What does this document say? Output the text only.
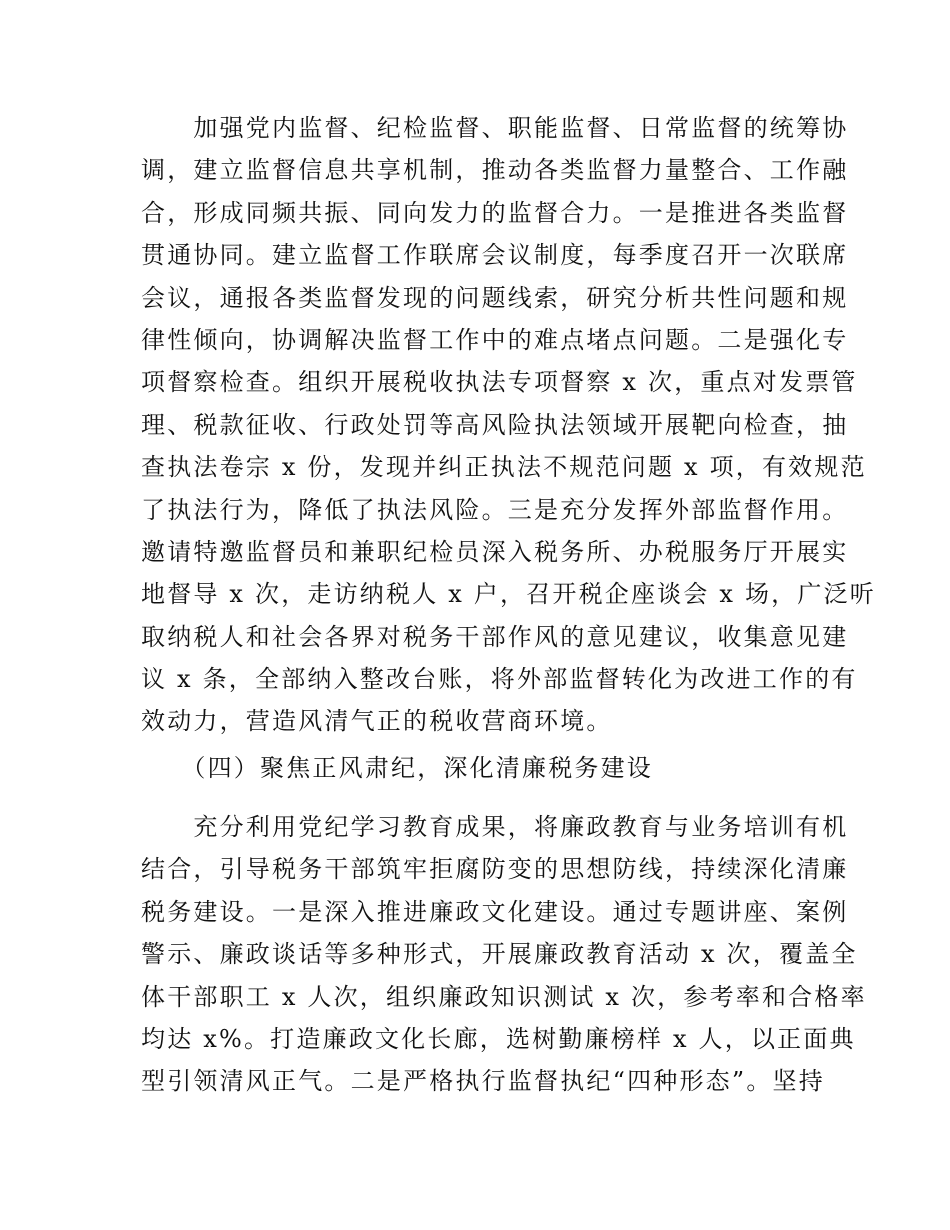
　　加强党内监督、纪检监督、职能监督、日常监督的统筹协
调，建立监督信息共享机制，推动各类监督力量整合、工作融
合，形成同频共振、同向发力的监督合力。一是推进各类监督
贯通协同。建立监督工作联席会议制度，每季度召开一次联席
会议，通报各类监督发现的问题线索，研究分析共性问题和规
律性倾向，协调解决监督工作中的难点堵点问题。二是强化专
项督察检查。组织开展税收执法专项督察 x 次，重点对发票管
理、税款征收、行政处罚等高风险执法领域开展靶向检查，抽
查执法卷宗 x 份，发现并纠正执法不规范问题 x 项，有效规范
了执法行为，降低了执法风险。三是充分发挥外部监督作用。
邀请特邀监督员和兼职纪检员深入税务所、办税服务厅开展实
地督导 x 次，走访纳税人 x 户，召开税企座谈会 x 场，广泛听
取纳税人和社会各界对税务干部作风的意见建议，收集意见建
议 x 条，全部纳入整改台账，将外部监督转化为改进工作的有
效动力，营造风清气正的税收营商环境。
　　（四）聚焦正风肃纪，深化清廉税务建设
　　充分利用党纪学习教育成果，将廉政教育与业务培训有机
结合，引导税务干部筑牢拒腐防变的思想防线，持续深化清廉
税务建设。一是深入推进廉政文化建设。通过专题讲座、案例
警示、廉政谈话等多种形式，开展廉政教育活动 x 次，覆盖全
体干部职工 x 人次，组织廉政知识测试 x 次，参考率和合格率
均达 x%。打造廉政文化长廊，选树勤廉榜样 x 人，以正面典
型引领清风正气。二是严格执行监督执纪“四种形态”。坚持
